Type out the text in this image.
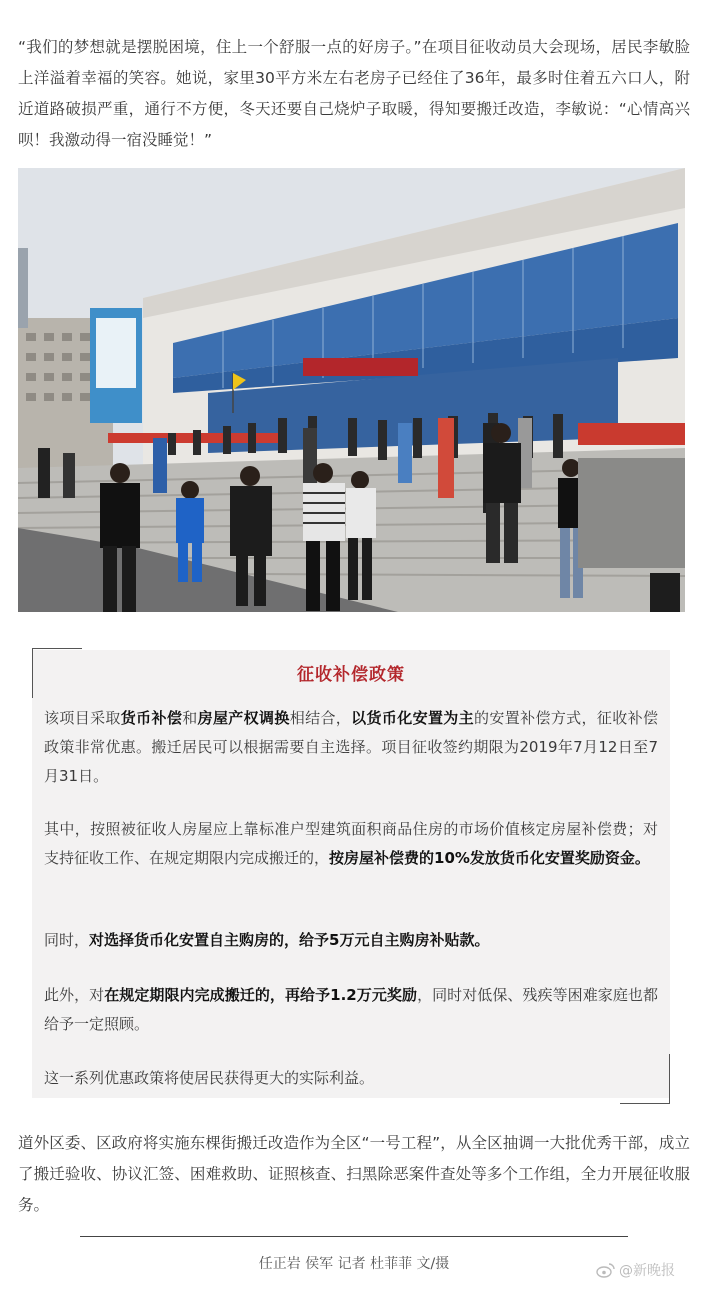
“我们的梦想就是摆脱困境，住上一个舒服一点的好房子。”在项目征收动员大会现场，居民李敏脸上洋溢着幸福的笑容。她说，家里30平方米左右老房子已经住了36年，最多时住着五六口人，附近道路破损严重，通行不方便，冬天还要自己烧炉子取暖，得知要搬迁改造，李敏说：“心情高兴呗！我激动得一宿没睡觉！”

征收补偿政策

该项目采取货币补偿和房屋产权调换相结合，以货币化安置为主的安置补偿方式，征收补偿政策非常优惠。搬迁居民可以根据需要自主选择。项目征收签约期限为2019年7月12日至7月31日。

其中，按照被征收人房屋应上靠标准户型建筑面积商品住房的市场价值核定房屋补偿费；对支持征收工作、在规定期限内完成搬迁的，按房屋补偿费的10%发放货币化安置奖励资金。

同时，对选择货币化安置自主购房的，给予5万元自主购房补贴款。

此外，对在规定期限内完成搬迁的，再给予1.2万元奖励，同时对低保、残疾等困难家庭也都给予一定照顾。

这一系列优惠政策将使居民获得更大的实际利益。

道外区委、区政府将实施东棵街搬迁改造作为全区“一号工程”，从全区抽调一大批优秀干部，成立了搬迁验收、协议汇签、困难救助、证照核查、扫黑除恶案件查处等多个工作组，全力开展征收服务。

任正岩 侯军 记者 杜菲菲 文/摄	@新晚报
